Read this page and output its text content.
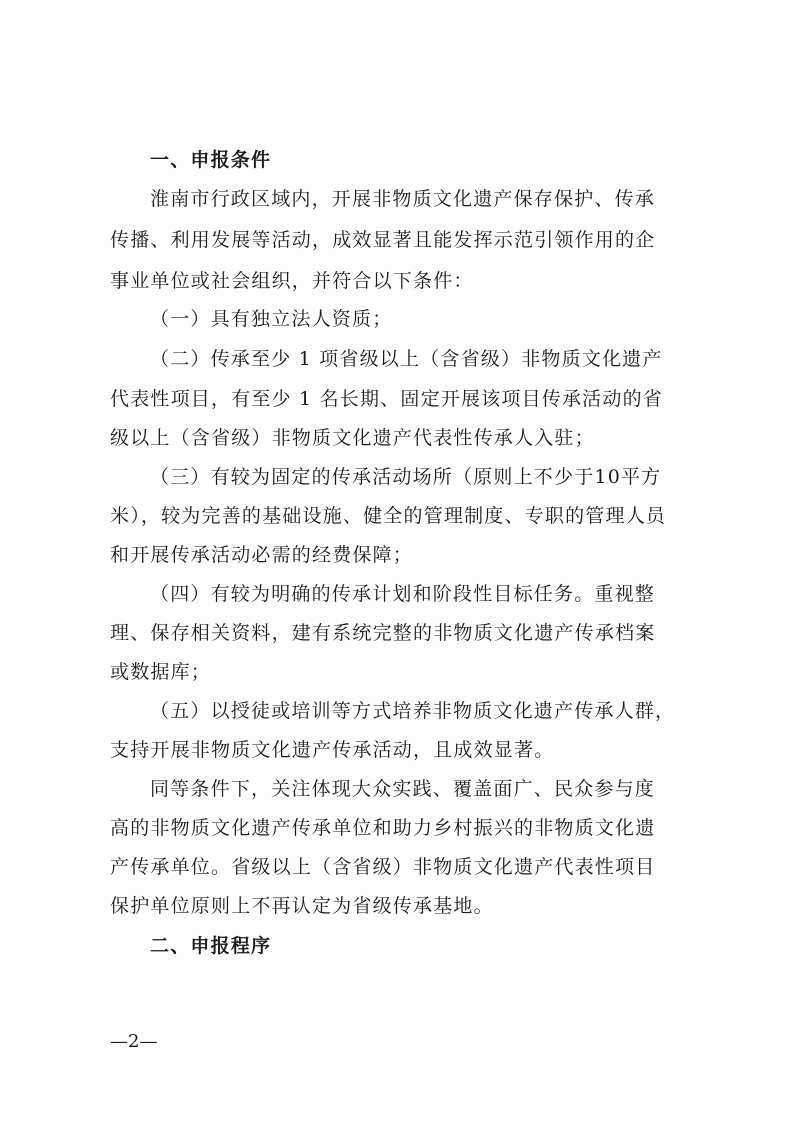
一、申报条件
淮南市行政区域内，开展非物质文化遗产保存保护、传承
传播、利用发展等活动，成效显著且能发挥示范引领作用的企
事业单位或社会组织，并符合以下条件：
（一）具有独立法人资质；
（二）传承至少 1 项省级以上（含省级）非物质文化遗产
代表性项目，有至少 1 名长期、固定开展该项目传承活动的省
级以上（含省级）非物质文化遗产代表性传承人入驻；
（三）有较为固定的传承活动场所（原则上不少于10平方
米），较为完善的基础设施、健全的管理制度、专职的管理人员
和开展传承活动必需的经费保障；
（四）有较为明确的传承计划和阶段性目标任务。重视整
理、保存相关资料，建有系统完整的非物质文化遗产传承档案
或数据库；
（五）以授徒或培训等方式培养非物质文化遗产传承人群，
支持开展非物质文化遗产传承活动，且成效显著。
同等条件下，关注体现大众实践、覆盖面广、民众参与度
高的非物质文化遗产传承单位和助力乡村振兴的非物质文化遗
产传承单位。省级以上（含省级）非物质文化遗产代表性项目
保护单位原则上不再认定为省级传承基地。
二、申报程序
—2—
